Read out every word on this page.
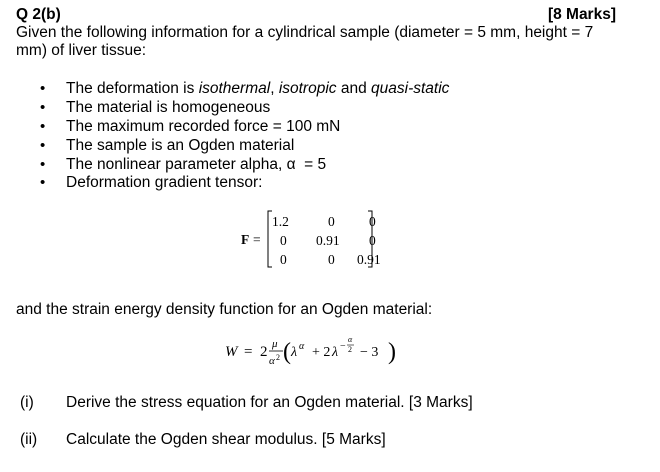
Q 2(b)	[8 Marks]
Given the following information for a cylindrical sample (diameter = 5 mm, height = 7 mm) of liver tissue:
• The deformation is isothermal, isotropic and quasi-static
• The material is homogeneous
• The maximum recorded force = 100 mN
• The sample is an Ogden material
• The nonlinear parameter alpha, α  = 5
• Deformation gradient tensor:
F =
1.2	0	0
0 0.91 0
0	0 0.91
and the strain energy density function for an Ogden material:
W = 2 μ
α 2 ( λ α + 2 λ −
α
2 − 3 )
(i) Derive the stress equation for an Ogden material. [3 Marks]
(ii) Calculate the Ogden shear modulus. [5 Marks]
